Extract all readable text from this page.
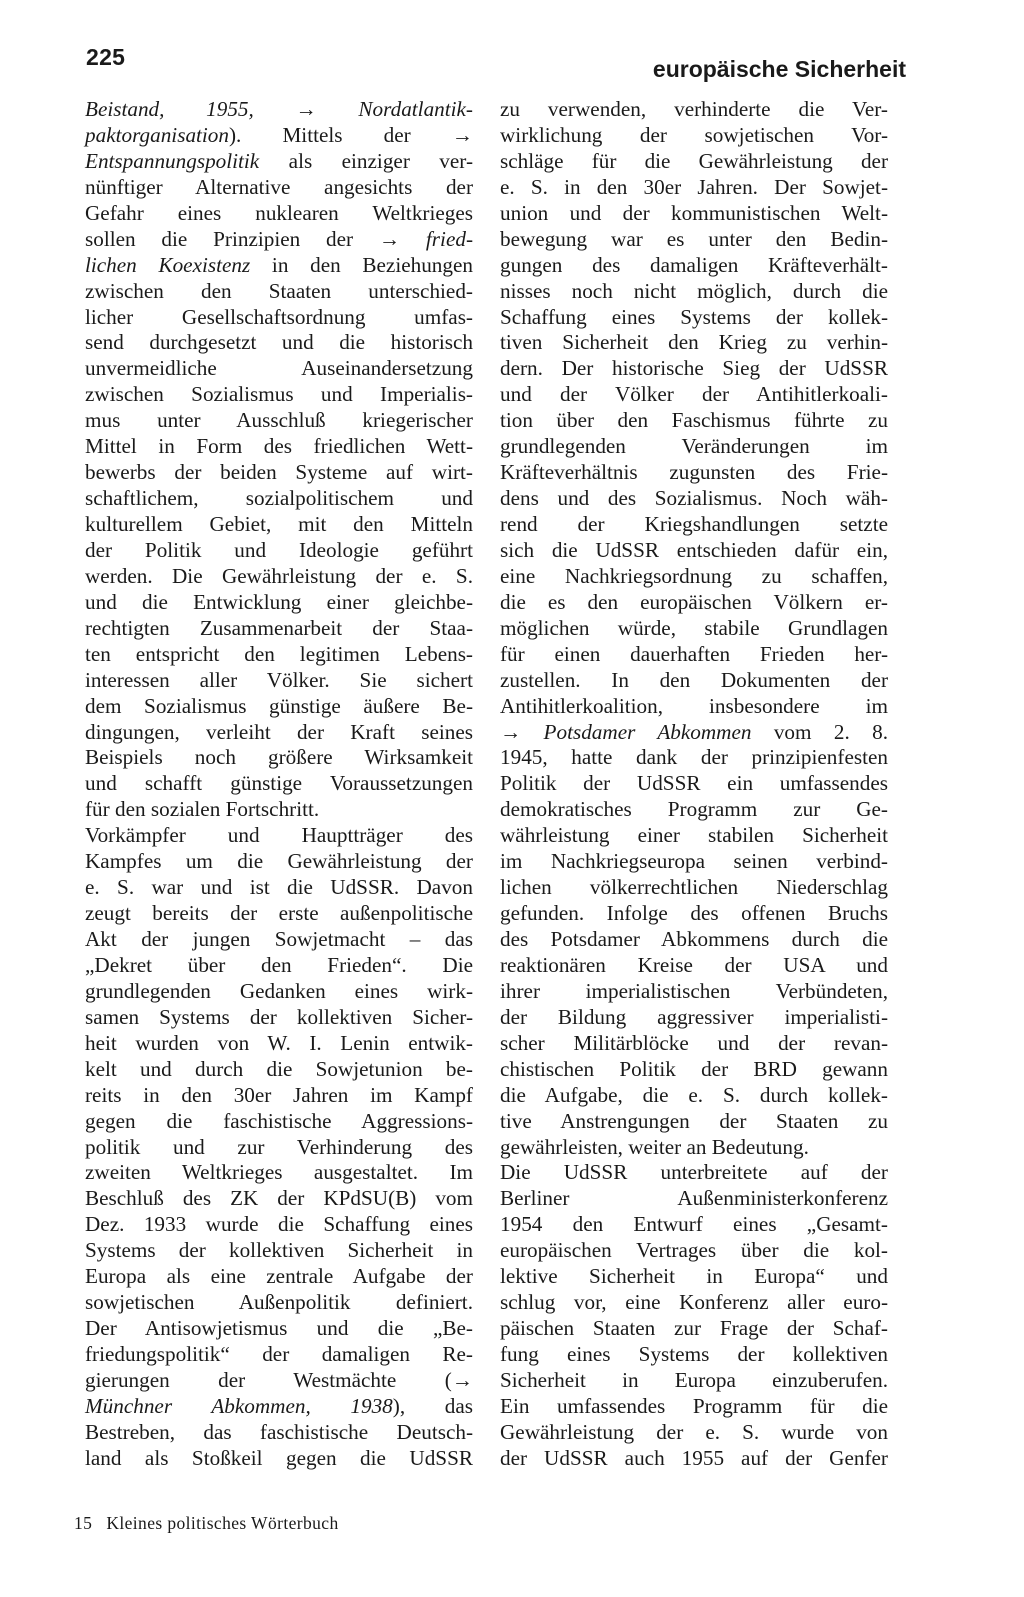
225	europäische Sicherheit
Beistand, 1955, → Nordatlantik-
paktorganisation). Mittels der →
Entspannungspolitik als einziger ver-
nünftiger Alternative angesichts der
Gefahr eines nuklearen Weltkrieges
sollen die Prinzipien der → fried-
lichen Koexistenz in den Beziehungen
zwischen den Staaten unterschied-
licher Gesellschaftsordnung umfas-
send durchgesetzt und die historisch
unvermeidliche Auseinandersetzung
zwischen Sozialismus und Imperialis-
mus unter Ausschluß kriegerischer
Mittel in Form des friedlichen Wett-
bewerbs der beiden Systeme auf wirt-
schaftlichem, sozialpolitischem und
kulturellem Gebiet, mit den Mitteln
der Politik und Ideologie geführt
werden. Die Gewährleistung der e. S.
und die Entwicklung einer gleichbe-
rechtigten Zusammenarbeit der Staa-
ten entspricht den legitimen Lebens-
interessen aller Völker. Sie sichert
dem Sozialismus günstige äußere Be-
dingungen, verleiht der Kraft seines
Beispiels noch größere Wirksamkeit
und schafft günstige Voraussetzungen
für den sozialen Fortschritt.
Vorkämpfer und Hauptträger des
Kampfes um die Gewährleistung der
e. S. war und ist die UdSSR. Davon
zeugt bereits der erste außenpolitische
Akt der jungen Sowjetmacht – das
„Dekret über den Frieden“. Die
grundlegenden Gedanken eines wirk-
samen Systems der kollektiven Sicher-
heit wurden von W. I. Lenin entwik-
kelt und durch die Sowjetunion be-
reits in den 30er Jahren im Kampf
gegen die faschistische Aggressions-
politik und zur Verhinderung des
zweiten Weltkrieges ausgestaltet. Im
Beschluß des ZK der KPdSU(B) vom
Dez. 1933 wurde die Schaffung eines
Systems der kollektiven Sicherheit in
Europa als eine zentrale Aufgabe der
sowjetischen Außenpolitik definiert.
Der Antisowjetismus und die „Be-
friedungspolitik“ der damaligen Re-
gierungen der Westmächte (→
Münchner Abkommen, 1938), das
Bestreben, das faschistische Deutsch-
land als Stoßkeil gegen die UdSSR
zu verwenden, verhinderte die Ver-
wirklichung der sowjetischen Vor-
schläge für die Gewährleistung der
e. S. in den 30er Jahren. Der Sowjet-
union und der kommunistischen Welt-
bewegung war es unter den Bedin-
gungen des damaligen Kräfteverhält-
nisses noch nicht möglich, durch die
Schaffung eines Systems der kollek-
tiven Sicherheit den Krieg zu verhin-
dern. Der historische Sieg der UdSSR
und der Völker der Antihitlerkoali-
tion über den Faschismus führte zu
grundlegenden Veränderungen im
Kräfteverhältnis zugunsten des Frie-
dens und des Sozialismus. Noch wäh-
rend der Kriegshandlungen setzte
sich die UdSSR entschieden dafür ein,
eine Nachkriegsordnung zu schaffen,
die es den europäischen Völkern er-
möglichen würde, stabile Grundlagen
für einen dauerhaften Frieden her-
zustellen. In den Dokumenten der
Antihitlerkoalition, insbesondere im
→ Potsdamer Abkommen vom 2. 8.
1945, hatte dank der prinzipienfesten
Politik der UdSSR ein umfassendes
demokratisches Programm zur Ge-
währleistung einer stabilen Sicherheit
im Nachkriegseuropa seinen verbind-
lichen völkerrechtlichen Niederschlag
gefunden. Infolge des offenen Bruchs
des Potsdamer Abkommens durch die
reaktionären Kreise der USA und
ihrer imperialistischen Verbündeten,
der Bildung aggressiver imperialisti-
scher Militärblöcke und der revan-
chistischen Politik der BRD gewann
die Aufgabe, die e. S. durch kollek-
tive Anstrengungen der Staaten zu
gewährleisten, weiter an Bedeutung.
Die UdSSR unterbreitete auf der
Berliner Außenministerkonferenz
1954 den Entwurf eines „Gesamt-
europäischen Vertrages über die kol-
lektive Sicherheit in Europa“ und
schlug vor, eine Konferenz aller euro-
päischen Staaten zur Frage der Schaf-
fung eines Systems der kollektiven
Sicherheit in Europa einzuberufen.
Ein umfassendes Programm für die
Gewährleistung der e. S. wurde von
der UdSSR auch 1955 auf der Genfer
15 Kleines politisches Wörterbuch
